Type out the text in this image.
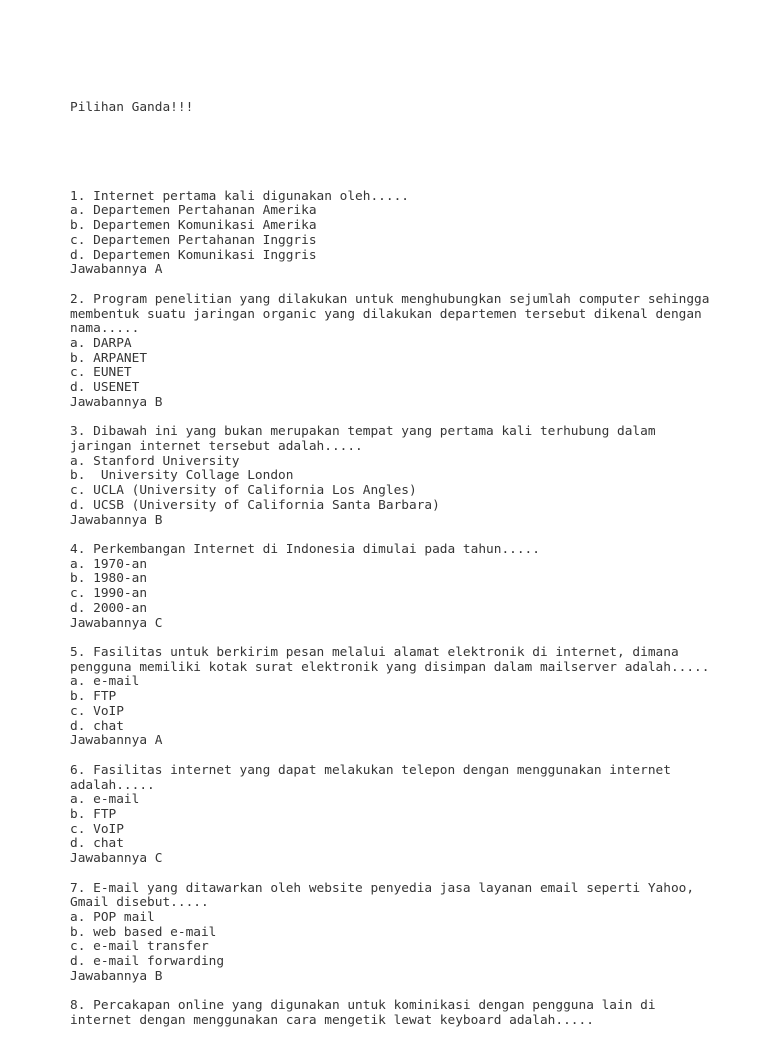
Pilihan Ganda!!!

1. Internet pertama kali digunakan oleh.....
a. Departemen Pertahanan Amerika
b. Departemen Komunikasi Amerika
c. Departemen Pertahanan Inggris
d. Departemen Komunikasi Inggris
Jawabannya A

2. Program penelitian yang dilakukan untuk menghubungkan sejumlah computer sehingga
membentuk suatu jaringan organic yang dilakukan departemen tersebut dikenal dengan
nama.....
a. DARPA
b. ARPANET
c. EUNET
d. USENET
Jawabannya B

3. Dibawah ini yang bukan merupakan tempat yang pertama kali terhubung dalam
jaringan internet tersebut adalah.....
a. Stanford University
b.  University Collage London
c. UCLA (University of California Los Angles)
d. UCSB (University of California Santa Barbara)
Jawabannya B

4. Perkembangan Internet di Indonesia dimulai pada tahun.....
a. 1970-an
b. 1980-an
c. 1990-an
d. 2000-an
Jawabannya C

5. Fasilitas untuk berkirim pesan melalui alamat elektronik di internet, dimana
pengguna memiliki kotak surat elektronik yang disimpan dalam mailserver adalah.....
a. e-mail
b. FTP
c. VoIP
d. chat
Jawabannya A

6. Fasilitas internet yang dapat melakukan telepon dengan menggunakan internet
adalah.....
a. e-mail
b. FTP
c. VoIP
d. chat
Jawabannya C

7. E-mail yang ditawarkan oleh website penyedia jasa layanan email seperti Yahoo,
Gmail disebut.....
a. POP mail
b. web based e-mail
c. e-mail transfer
d. e-mail forwarding
Jawabannya B

8. Percakapan online yang digunakan untuk kominikasi dengan pengguna lain di
internet dengan menggunakan cara mengetik lewat keyboard adalah.....
